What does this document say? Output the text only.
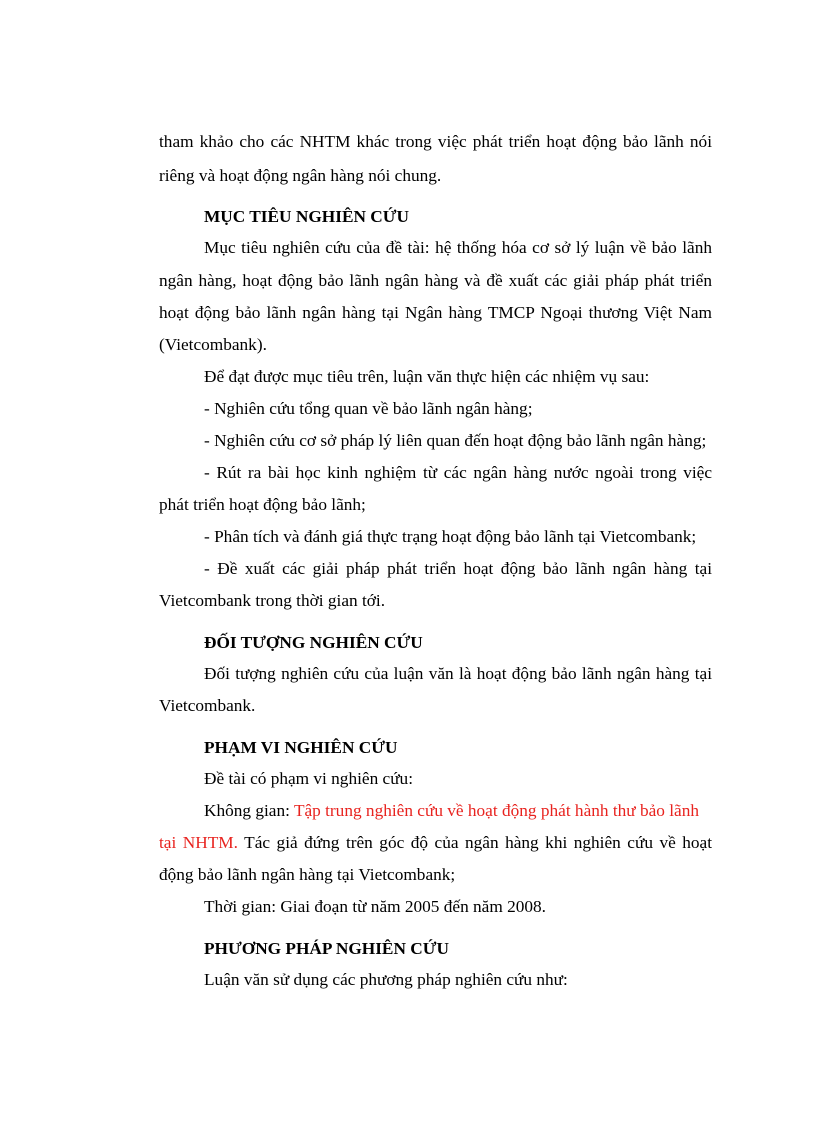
tham khảo cho các NHTM khác trong việc phát triển hoạt động bảo lãnh nói
riêng và hoạt động ngân hàng nói chung.
MỤC TIÊU NGHIÊN CỨU
Mục tiêu nghiên cứu của đề tài: hệ thống hóa cơ sở lý luận về bảo lãnh
ngân hàng, hoạt động bảo lãnh ngân hàng và đề xuất các giải pháp phát triển
hoạt động bảo lãnh ngân hàng tại Ngân hàng TMCP Ngoại thương Việt Nam
(Vietcombank).
Để đạt được mục tiêu trên, luận văn thực hiện các nhiệm vụ sau:
- Nghiên cứu tổng quan về bảo lãnh ngân hàng;
- Nghiên cứu cơ sở pháp lý liên quan đến hoạt động bảo lãnh ngân hàng;
- Rút ra bài học kinh nghiệm từ các ngân hàng nước ngoài trong việc
phát triển hoạt động bảo lãnh;
- Phân tích và đánh giá thực trạng hoạt động bảo lãnh tại Vietcombank;
- Đề xuất các giải pháp phát triển hoạt động bảo lãnh ngân hàng tại
Vietcombank trong thời gian tới.
ĐỐI TƯỢNG NGHIÊN CỨU
Đối tượng nghiên cứu của luận văn là hoạt động bảo lãnh ngân hàng tại
Vietcombank.
PHẠM VI NGHIÊN CỨU
Đề tài có phạm vi nghiên cứu:
Không gian: Tập trung nghiên cứu về hoạt động phát hành thư bảo lãnh
tại NHTM. Tác giả đứng trên góc độ của ngân hàng khi nghiên cứu về hoạt
động bảo lãnh ngân hàng tại Vietcombank;
Thời gian: Giai đoạn từ năm 2005 đến năm 2008.
PHƯƠNG PHÁP NGHIÊN CỨU
Luận văn sử dụng các phương pháp nghiên cứu như:
